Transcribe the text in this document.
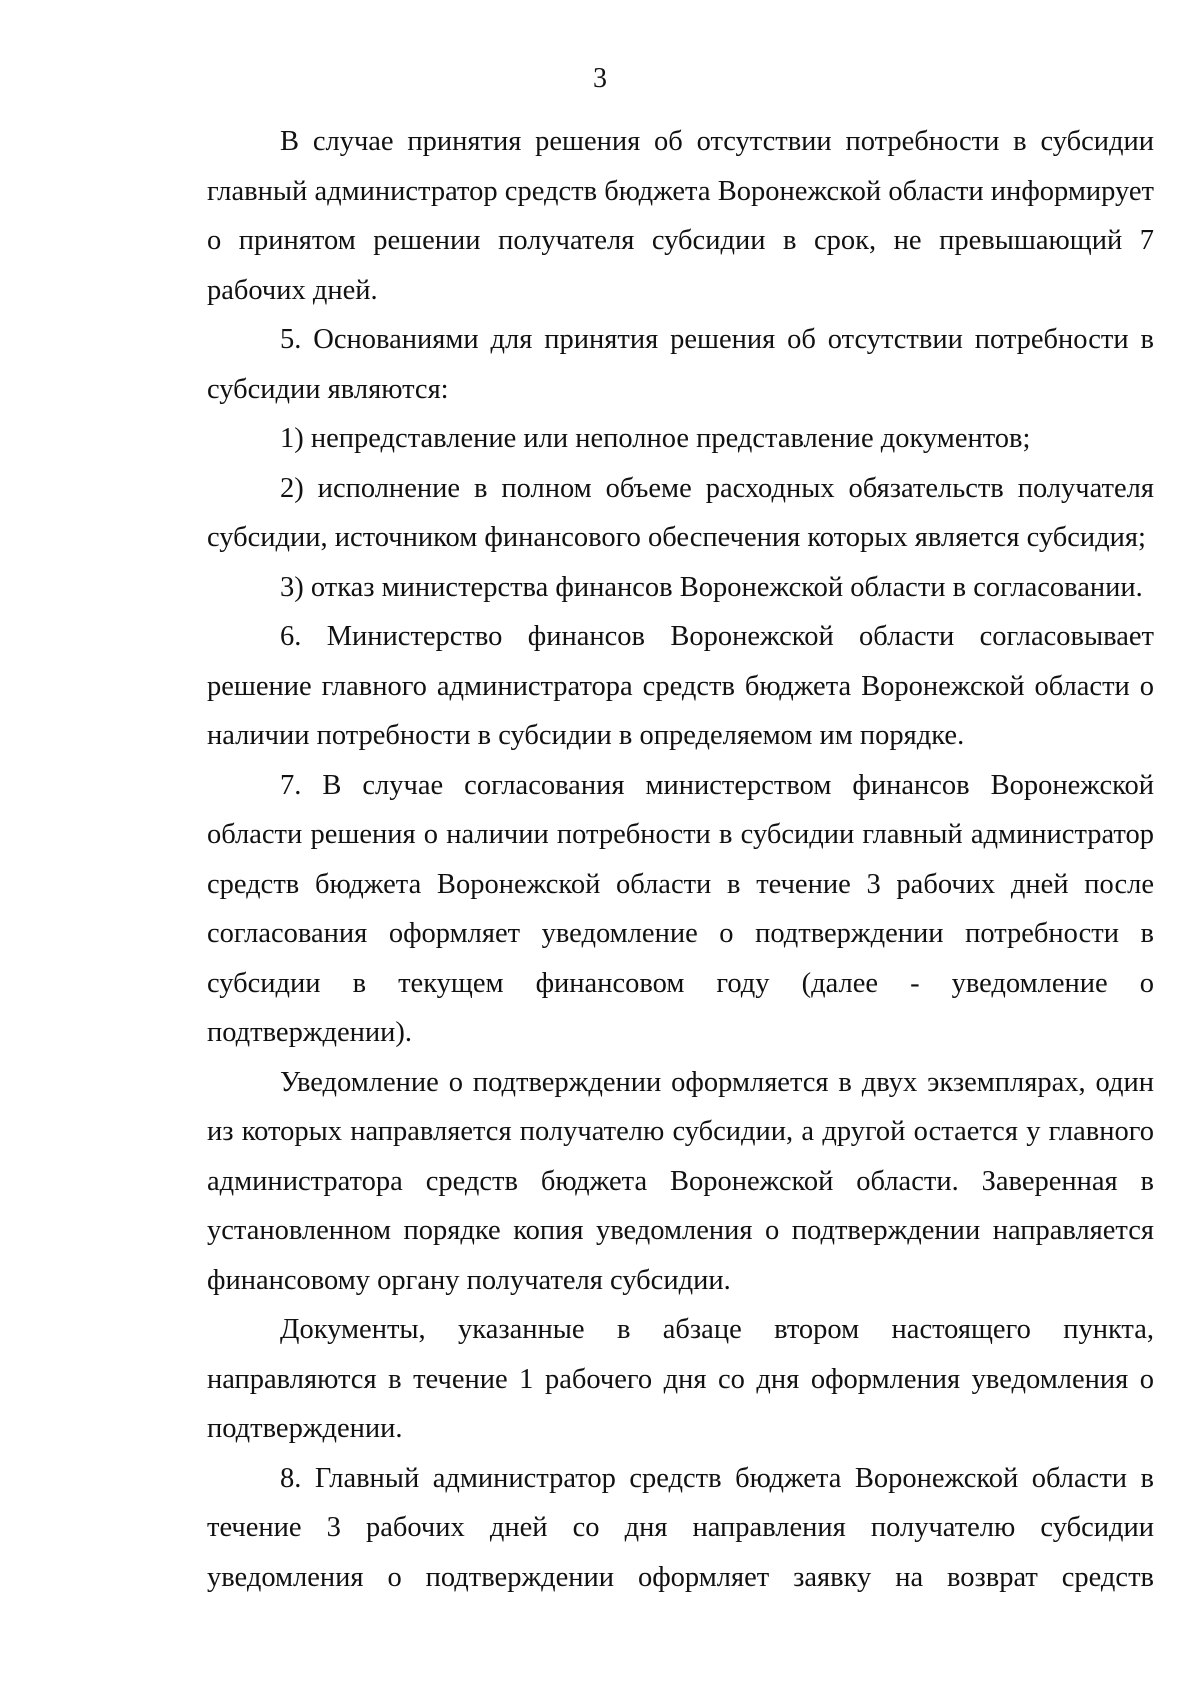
3

В случае принятия решения об отсутствии потребности в субсидии главный администратор средств бюджета Воронежской области информирует о принятом решении получателя субсидии в срок, не превышающий 7 рабочих дней.

5. Основаниями для принятия решения об отсутствии потребности в субсидии являются:

1) непредставление или неполное представление документов;

2) исполнение в полном объеме расходных обязательств получателя субсидии, источником финансового обеспечения которых является субсидия;

3) отказ министерства финансов Воронежской области в согласовании.

6. Министерство финансов Воронежской области согласовывает решение главного администратора средств бюджета Воронежской области о наличии потребности в субсидии в определяемом им порядке.

7. В случае согласования министерством финансов Воронежской области решения о наличии потребности в субсидии главный администратор средств бюджета Воронежской области в течение 3 рабочих дней после согласования оформляет уведомление о подтверждении потребности в субсидии в текущем финансовом году (далее - уведомление о подтверждении).

Уведомление о подтверждении оформляется в двух экземплярах, один из которых направляется получателю субсидии, а другой остается у главного администратора средств бюджета Воронежской области. Заверенная в установленном порядке копия уведомления о подтверждении направляется финансовому органу получателя субсидии.

Документы, указанные в абзаце втором настоящего пункта, направляются в течение 1 рабочего дня со дня оформления уведомления о подтверждении.

8. Главный администратор средств бюджета Воронежской области в течение 3 рабочих дней со дня направления получателю субсидии уведомления о подтверждении оформляет заявку на возврат средств
